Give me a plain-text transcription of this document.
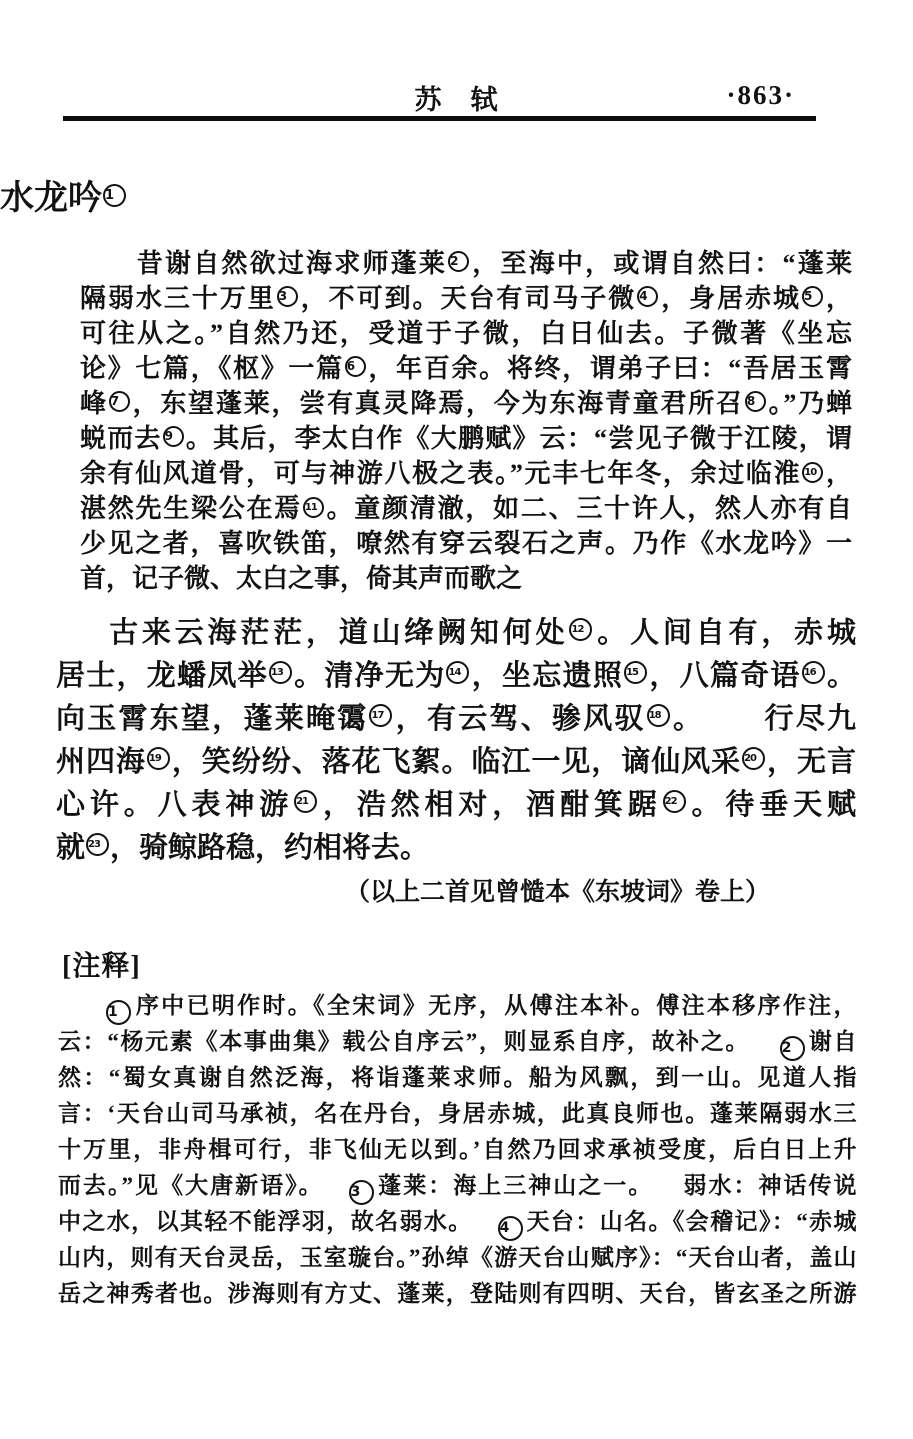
苏　轼	·863·
水龙吟 1
昔谢自然欲过海求师蓬莱 2 ，至海中，或谓自然曰：“蓬莱
隔弱水三十万里 3 ，不可到。天台有司马子微 4 ，身居赤城 5 ，
可往从之。”自然乃还，受道于子微，白日仙去。子微著《坐忘
论》七篇，《枢》一篇 6 ，年百余。将终，谓弟子曰：“吾居玉霄
峰 7 ，东望蓬莱，尝有真灵降焉，今为东海青童君所召 8 。”乃蝉
蜕而去 9 。其后，李太白作《大鹏赋》云：“尝见子微于江陵，谓
余有仙风道骨，可与神游八极之表。”元丰七年冬，余过临淮 10 ，
湛然先生梁公在焉 11 。童颜清澈，如二、三十许人，然人亦有自
少见之者，喜吹铁笛，嘹然有穿云裂石之声。乃作《水龙吟》一
首，记子微、太白之事，倚其声而歌之
古来云海茫茫，道山绛阙知何处 12 。人间自有，赤城
居士，龙蟠凤举 13 。清净无为 14 ，坐忘遗照 15 ，八篇奇语 16 。
向玉霄东望，蓬莱晻霭 17 ，有云驾、骖风驭 18 。 行尽九
州四海 19 ，笑纷纷、落花飞絮。临江一见，谪仙风采 20 ，无言
心许。八表神游 21 ，浩然相对，酒酣箕踞 22 。待垂天赋
就 23 ，骑鲸路稳，约相将去。
（以上二首见曾慥本《东坡词》卷上）
[注释]
1 序中已明作时。《全宋词》无序，从傅注本补。傅注本移序作注，
云：“杨元素《本事曲集》载公自序云”，则显系自序，故补之。 2 谢自
然：“蜀女真谢自然泛海，将诣蓬莱求师。船为风飘，到一山。见道人指
言：‘天台山司马承祯，名在丹台，身居赤城，此真良师也。蓬莱隔弱水三
十万里，非舟楫可行，非飞仙无以到。’自然乃回求承祯受度，后白日上升
而去。”见《大唐新语》。 3 蓬莱：海上三神山之一。 弱水：神话传说
中之水，以其轻不能浮羽，故名弱水。 4 天台：山名。《会稽记》：“赤城
山内，则有天台灵岳，玉室璇台。”孙绰《游天台山赋序》：“天台山者，盖山
岳之神秀者也。涉海则有方丈、蓬莱，登陆则有四明、天台，皆玄圣之所游
